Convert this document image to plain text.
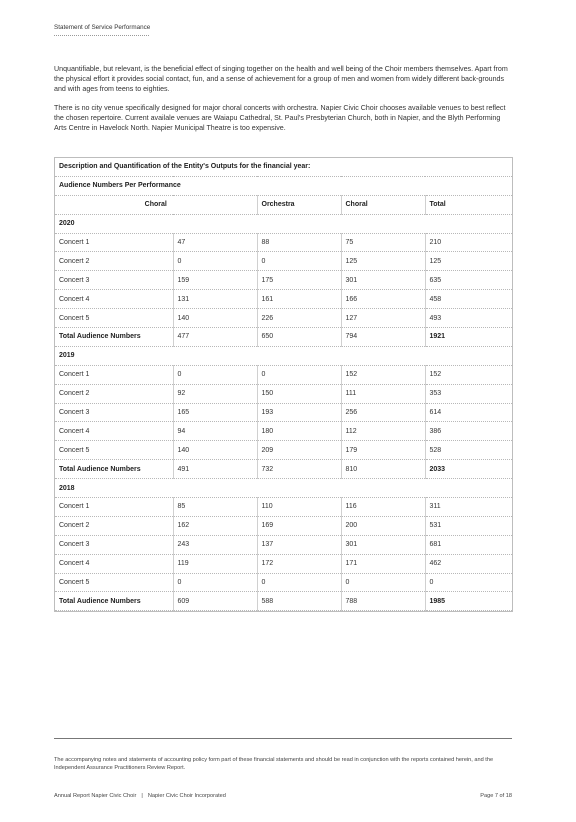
Statement of Service Performance

Unquantifiable, but relevant, is the beneficial effect of singing together on the health and well being of the Choir members themselves. Apart from the physical effort it provides social contact, fun, and a sense of achievement for a group of men and women from widely different back-grounds and with ages from teens to eighties.

There is no city venue specifically designed for major choral concerts with orchestra. Napier Civic Choir chooses available venues to best reflect the chosen repertoire. Current availale venues are Waiapu Cathedral, St. Paul's Presbyterian Church, both in Napier, and the Blyth Performing Arts Centre in Havelock North. Napier Municipal Theatre is too expensive.

Description and Quantification of the Entity's Outputs for the financial year:				
Audience Numbers Per Performance				
Choral		Orchestra	Choral	Total
2020				
Concert 1	47	88	75	210
Concert 2	0	0	125	125
Concert 3	159	175	301	635
Concert 4	131	161	166	458
Concert 5	140	226	127	493
Total Audience Numbers	477	650	794	1921
2019				
Concert 1	0	0	152	152
Concert 2	92	150	111	353
Concert 3	165	193	256	614
Concert 4	94	180	112	386
Concert 5	140	209	179	528
Total Audience Numbers	491	732	810	2033
2018				
Concert 1	85	110	116	311
Concert 2	162	169	200	531
Concert 3	243	137	301	681
Concert 4	119	172	171	462
Concert 5	0	0	0	0
Total Audience Numbers	609	588	788	1985
The accompanying notes and statements of accounting policy form part of these financial statements and should be read in conjunction with the reports contained herein, and the Independent Assurance Practitioners Review Report.
Annual Report Napier Civic Choir | Napier Civic Choir Incorporated	Page 7 of 18
